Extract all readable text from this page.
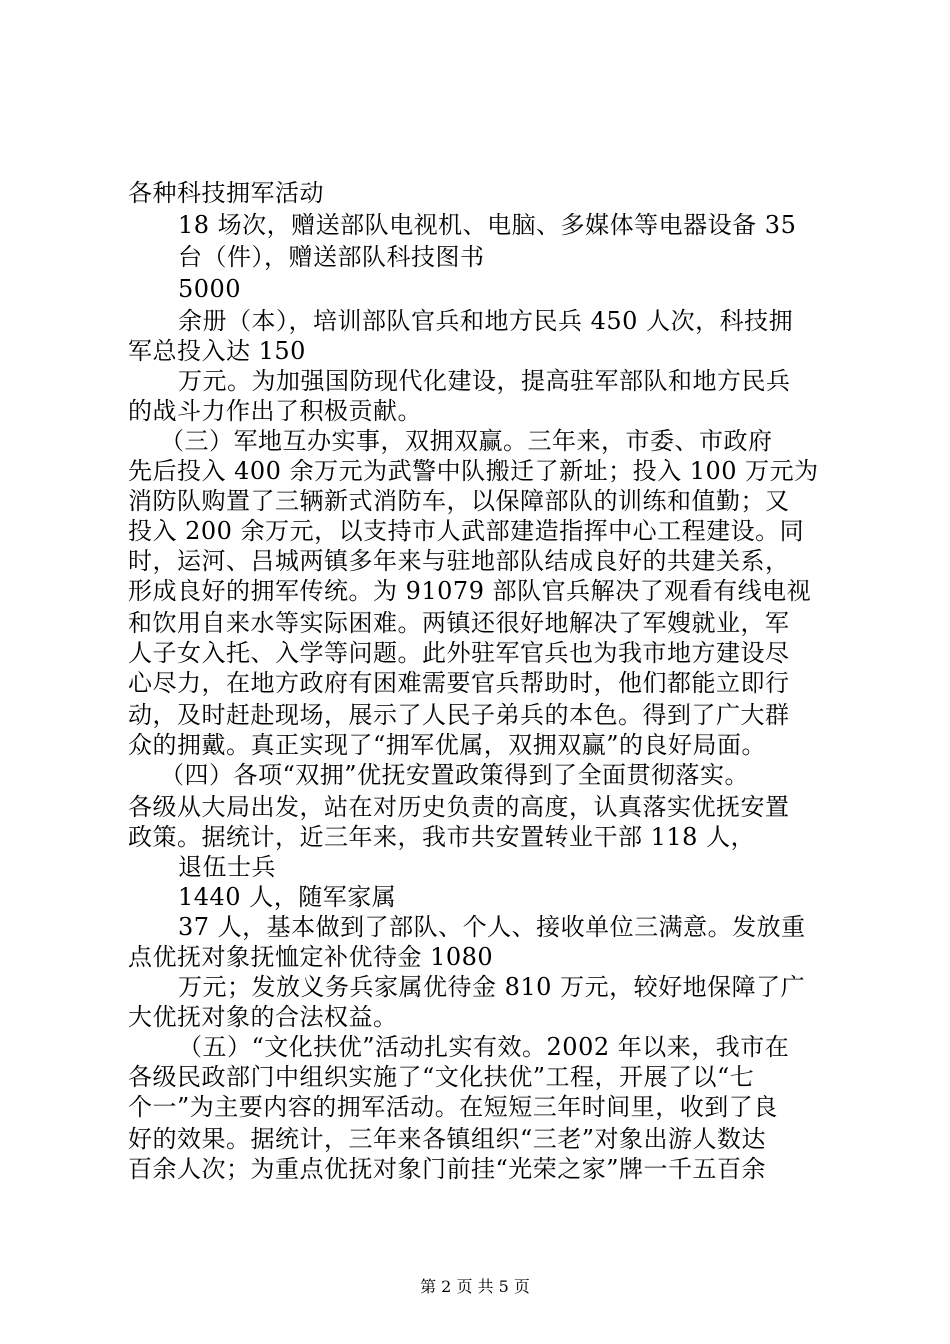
各种科技拥军活动
18 场次，赠送部队电视机、电脑、多媒体等电器设备 35
台（件），赠送部队科技图书
5000
余册（本），培训部队官兵和地方民兵 450 人次，科技拥
军总投入达 150
万元。为加强国防现代化建设，提高驻军部队和地方民兵
的战斗力作出了积极贡献。
（三）军地互办实事，双拥双赢。三年来，市委、市政府
先后投入 400 余万元为武警中队搬迁了新址；投入 100 万元为
消防队购置了三辆新式消防车，以保障部队的训练和值勤；又
投入 200 余万元，以支持市人武部建造指挥中心工程建设。同
时，运河、吕城两镇多年来与驻地部队结成良好的共建关系，
形成良好的拥军传统。为 91079 部队官兵解决了观看有线电视
和饮用自来水等实际困难。两镇还很好地解决了军嫂就业，军
人子女入托、入学等问题。此外驻军官兵也为我市地方建设尽
心尽力，在地方政府有困难需要官兵帮助时，他们都能立即行
动，及时赶赴现场，展示了人民子弟兵的本色。得到了广大群
众的拥戴。真正实现了“拥军优属，双拥双赢”的良好局面。
（四）各项“双拥”优抚安置政策得到了全面贯彻落实。
各级从大局出发，站在对历史负责的高度，认真落实优抚安置
政策。据统计，近三年来，我市共安置转业干部 118 人，
退伍士兵
1440 人，随军家属
37 人，基本做到了部队、个人、接收单位三满意。发放重
点优抚对象抚恤定补优待金 1080
万元；发放义务兵家属优待金 810 万元，较好地保障了广
大优抚对象的合法权益。
（五）“文化扶优”活动扎实有效。2002 年以来，我市在
各级民政部门中组织实施了“文化扶优”工程，开展了以“七
个一”为主要内容的拥军活动。在短短三年时间里，收到了良
好的效果。据统计，三年来各镇组织“三老”对象出游人数达
百余人次；为重点优抚对象门前挂“光荣之家”牌一千五百余
第 2 页 共 5 页
